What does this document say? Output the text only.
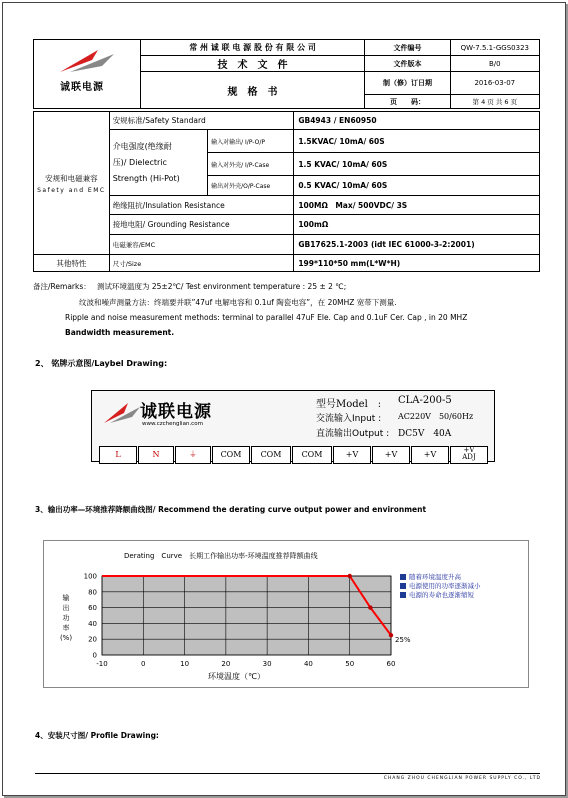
诚联电源	常 州 诚 联 电 源 股 份 有 限 公 司	文件编号	QW-7.5.1-GGS0323
	技　术　文　件	文件版本	B/0
	规　格　书	制（修）订日期	2016-03-07
		页　　码：	第 4 页 共 6 页
安规和电磁兼容
Safety and EMC	安规标准/Safety Standard		GB4943 / EN60950

	介电强度(绝缘耐
压)/ Dielectric
Strength (Hi-Pot)	输入对输出/ I/P-O/P	1.5KVAC/ 10mA/ 60S
		输入对外壳/ I/P-Case	1.5 KVAC/ 10mA/ 60S
		输出对外壳/O/P-Case	0.5 KVAC/ 10mA/ 60S
	绝缘阻抗/Insulation Resistance		100MΩ　Max/ 500VDC/ 3S
	接地电阻/ Grounding Resistance		100mΩ
	电磁兼容/EMC		GB17625.1-2003 (idt IEC 61000-3-2:2001)
其他特性	尺寸/Size		199*110*50 mm(L*W*H)
备注/Remarks： 测试环境温度为 25±2℃/ Test environment temperature : 25 ± 2 ℃;
纹波和噪声测量方法：终端要并联”47uf 电解电容和 0.1uf 陶瓷电容”，在 20MHZ 宽带下测量.
Ripple and noise measurement methods: terminal to parallel 47uF Ele. Cap and 0.1uF Cer. Cap , in 20 MHZ
Bandwidth measurement.
2、 铭牌示意图/Laybel Drawing:
诚联电源
www.czchenglian.com
型号Model　: CLA-200-5
交流输入Input : AC220V　50/60Hz
直流输出Output : DC5V　40A
L	N	⏚	COM	COM	COM	+V	+V	+V	+V
ADJ
3、输出功率—环境推荐降额曲线图/ Recommend the derating curve output power and environment
0
20
40
60
80
100
-10	0	10	20	30	40	50	60
Derating　Curve　长期工作输出功率-环境温度推荐降额曲线
25%
环境温度（℃）
输
出
功
率
(%)
随着环境温度升高
电源使用的功率逐渐减小
电源的寿命也逐渐缩短
4、安装尺寸图/ Profile Drawing:
CHANG ZHOU CHENGLIAN POWER SUPPLY CO., LTD
